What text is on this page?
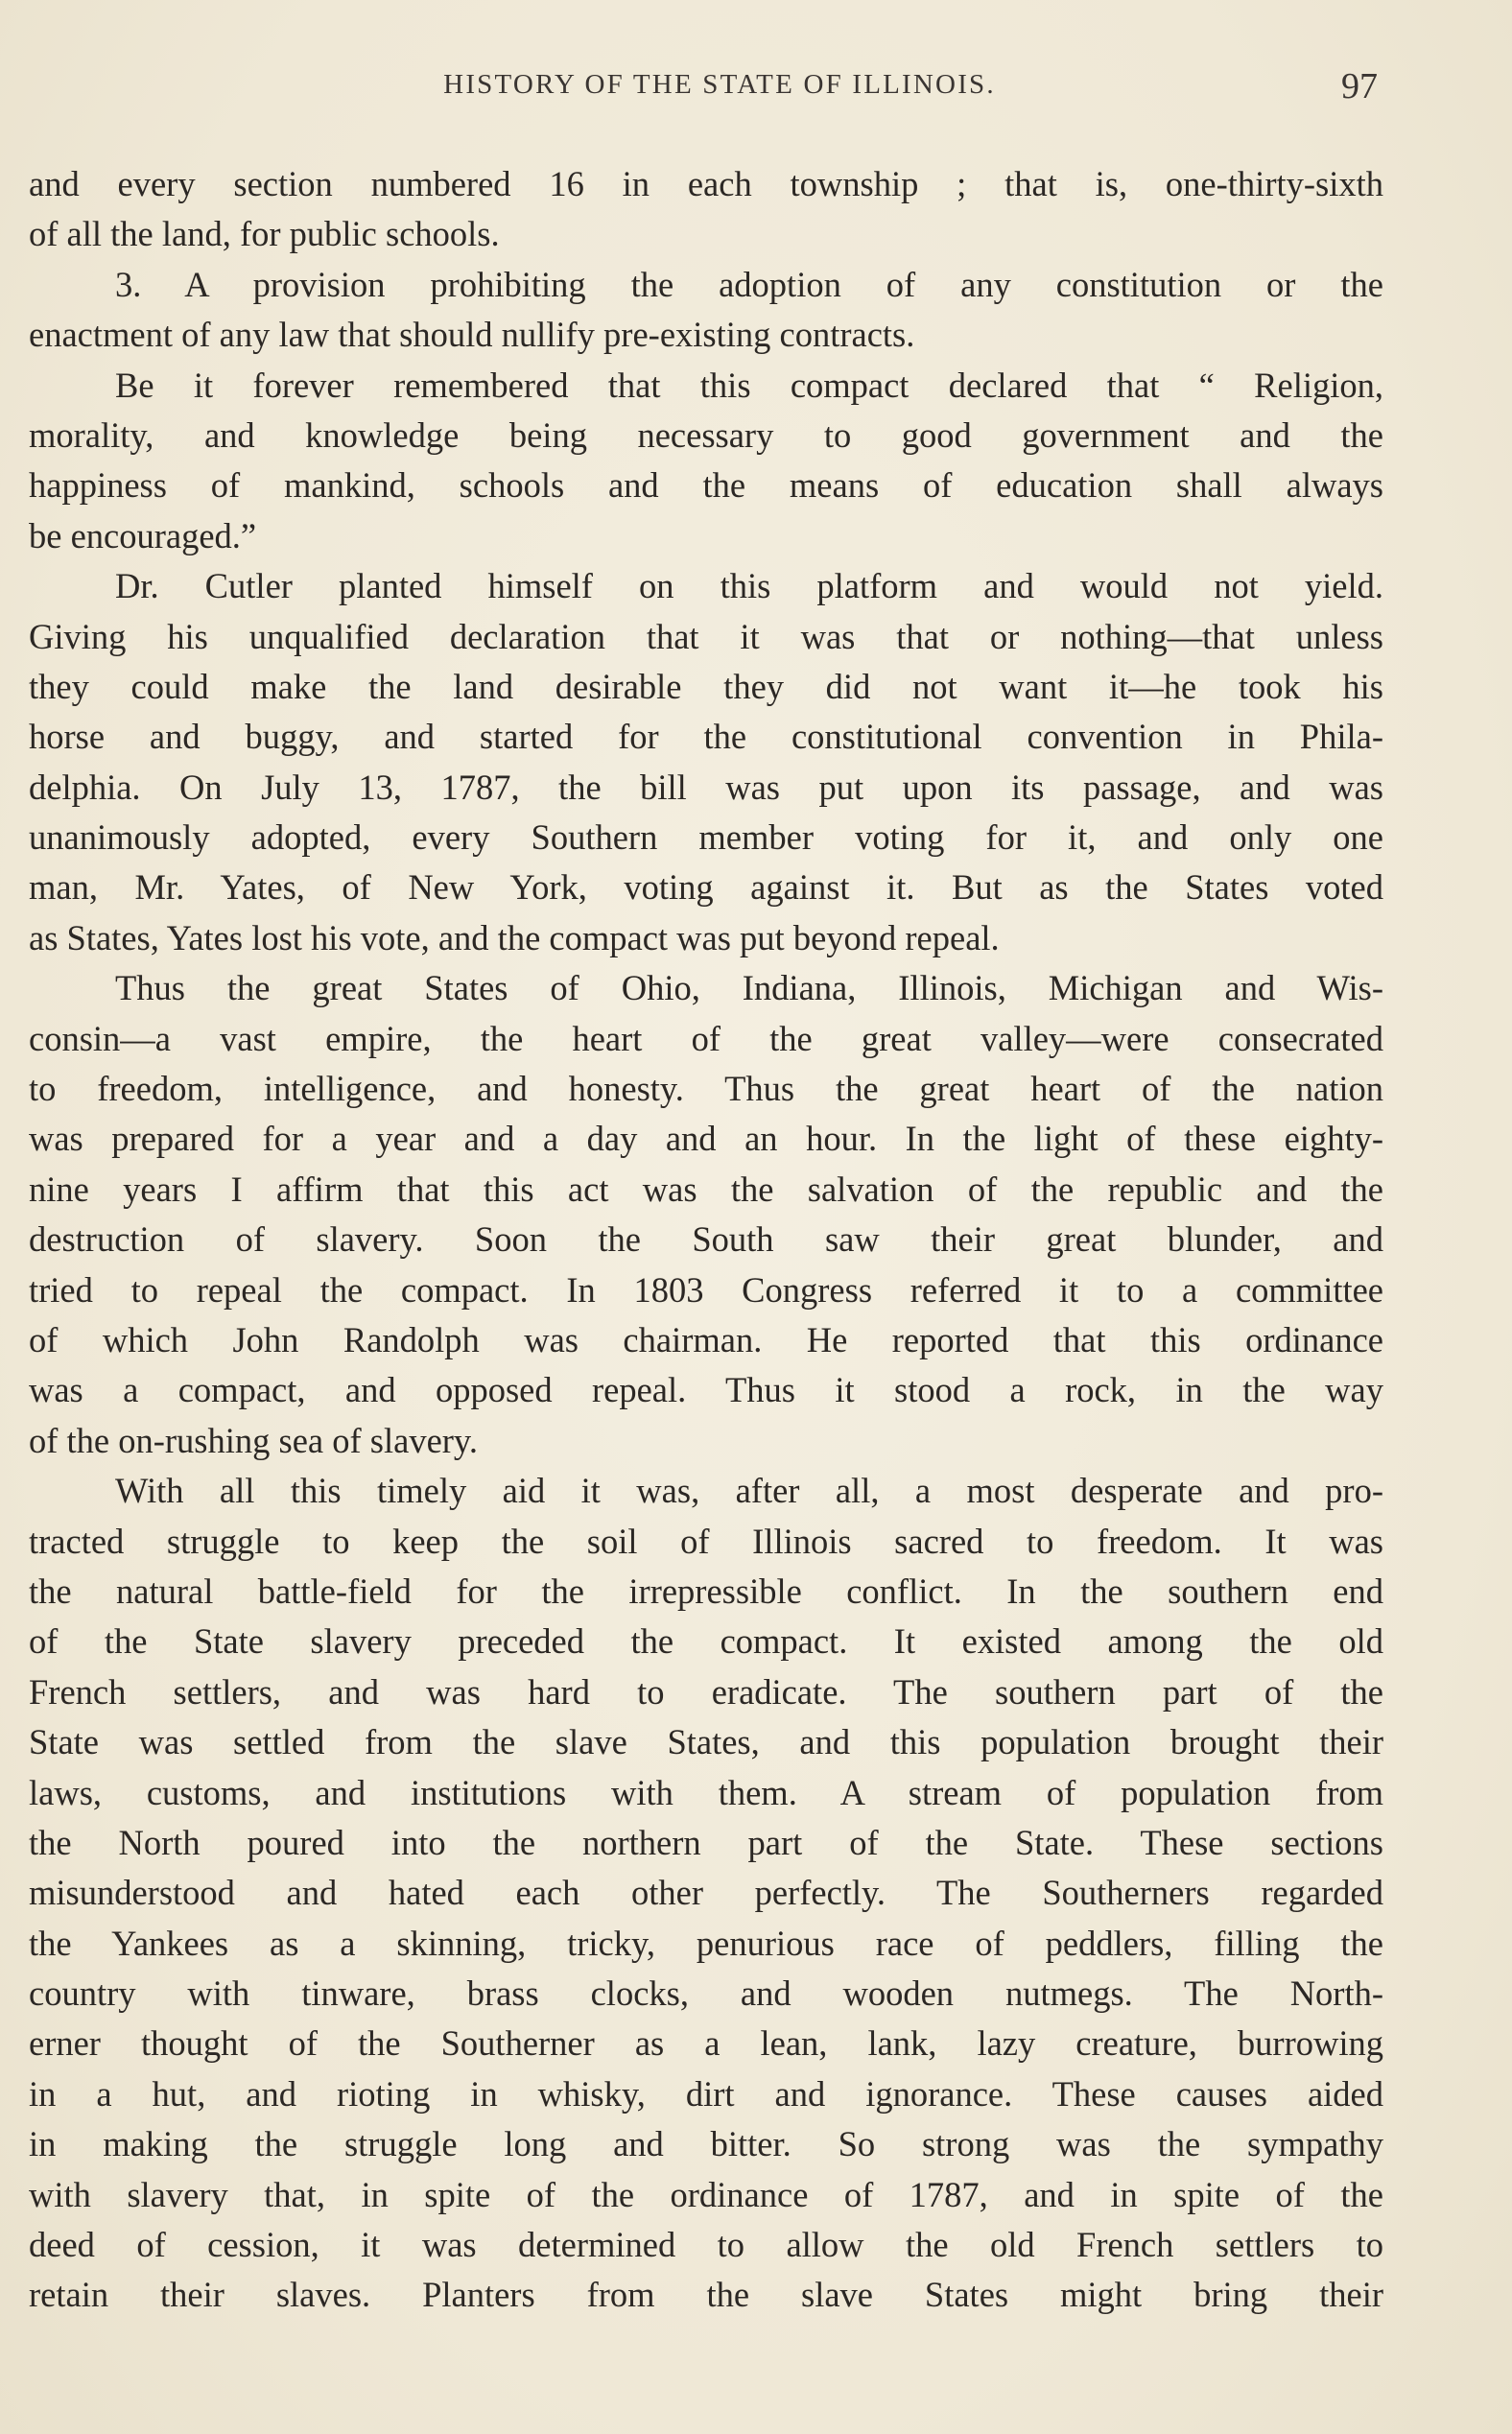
HISTORY OF THE STATE OF ILLINOIS.	97
and every section numbered 16 in each township ; that is, one-thirty-sixth
of all the land, for public schools.
3. A provision prohibiting the adoption of any constitution or the
enactment of any law that should nullify pre-existing contracts.
Be it forever remembered that this compact declared that “ Religion,
morality, and knowledge being necessary to good government and the
happiness of mankind, schools and the means of education shall always
be encouraged.”
Dr. Cutler planted himself on this platform and would not yield.
Giving his unqualified declaration that it was that or nothing—that unless
they could make the land desirable they did not want it—he took his
horse and buggy, and started for the constitutional convention in Phila-
delphia. On July 13, 1787, the bill was put upon its passage, and was
unanimously adopted, every Southern member voting for it, and only one
man, Mr. Yates, of New York, voting against it. But as the States voted
as States, Yates lost his vote, and the compact was put beyond repeal.
Thus the great States of Ohio, Indiana, Illinois, Michigan and Wis-
consin—a vast empire, the heart of the great valley—were consecrated
to freedom, intelligence, and honesty. Thus the great heart of the nation
was prepared for a year and a day and an hour. In the light of these eighty-
nine years I affirm that this act was the salvation of the republic and the
destruction of slavery. Soon the South saw their great blunder, and
tried to repeal the compact. In 1803 Congress referred it to a committee
of which John Randolph was chairman. He reported that this ordinance
was a compact, and opposed repeal. Thus it stood a rock, in the way
of the on-rushing sea of slavery.
With all this timely aid it was, after all, a most desperate and pro-
tracted struggle to keep the soil of Illinois sacred to freedom. It was
the natural battle-field for the irrepressible conflict. In the southern end
of the State slavery preceded the compact. It existed among the old
French settlers, and was hard to eradicate. The southern part of the
State was settled from the slave States, and this population brought their
laws, customs, and institutions with them. A stream of population from
the North poured into the northern part of the State. These sections
misunderstood and hated each other perfectly. The Southerners regarded
the Yankees as a skinning, tricky, penurious race of peddlers, filling the
country with tinware, brass clocks, and wooden nutmegs. The North-
erner thought of the Southerner as a lean, lank, lazy creature, burrowing
in a hut, and rioting in whisky, dirt and ignorance. These causes aided
in making the struggle long and bitter. So strong was the sympathy
with slavery that, in spite of the ordinance of 1787, and in spite of the
deed of cession, it was determined to allow the old French settlers to
retain their slaves. Planters from the slave States might bring their
